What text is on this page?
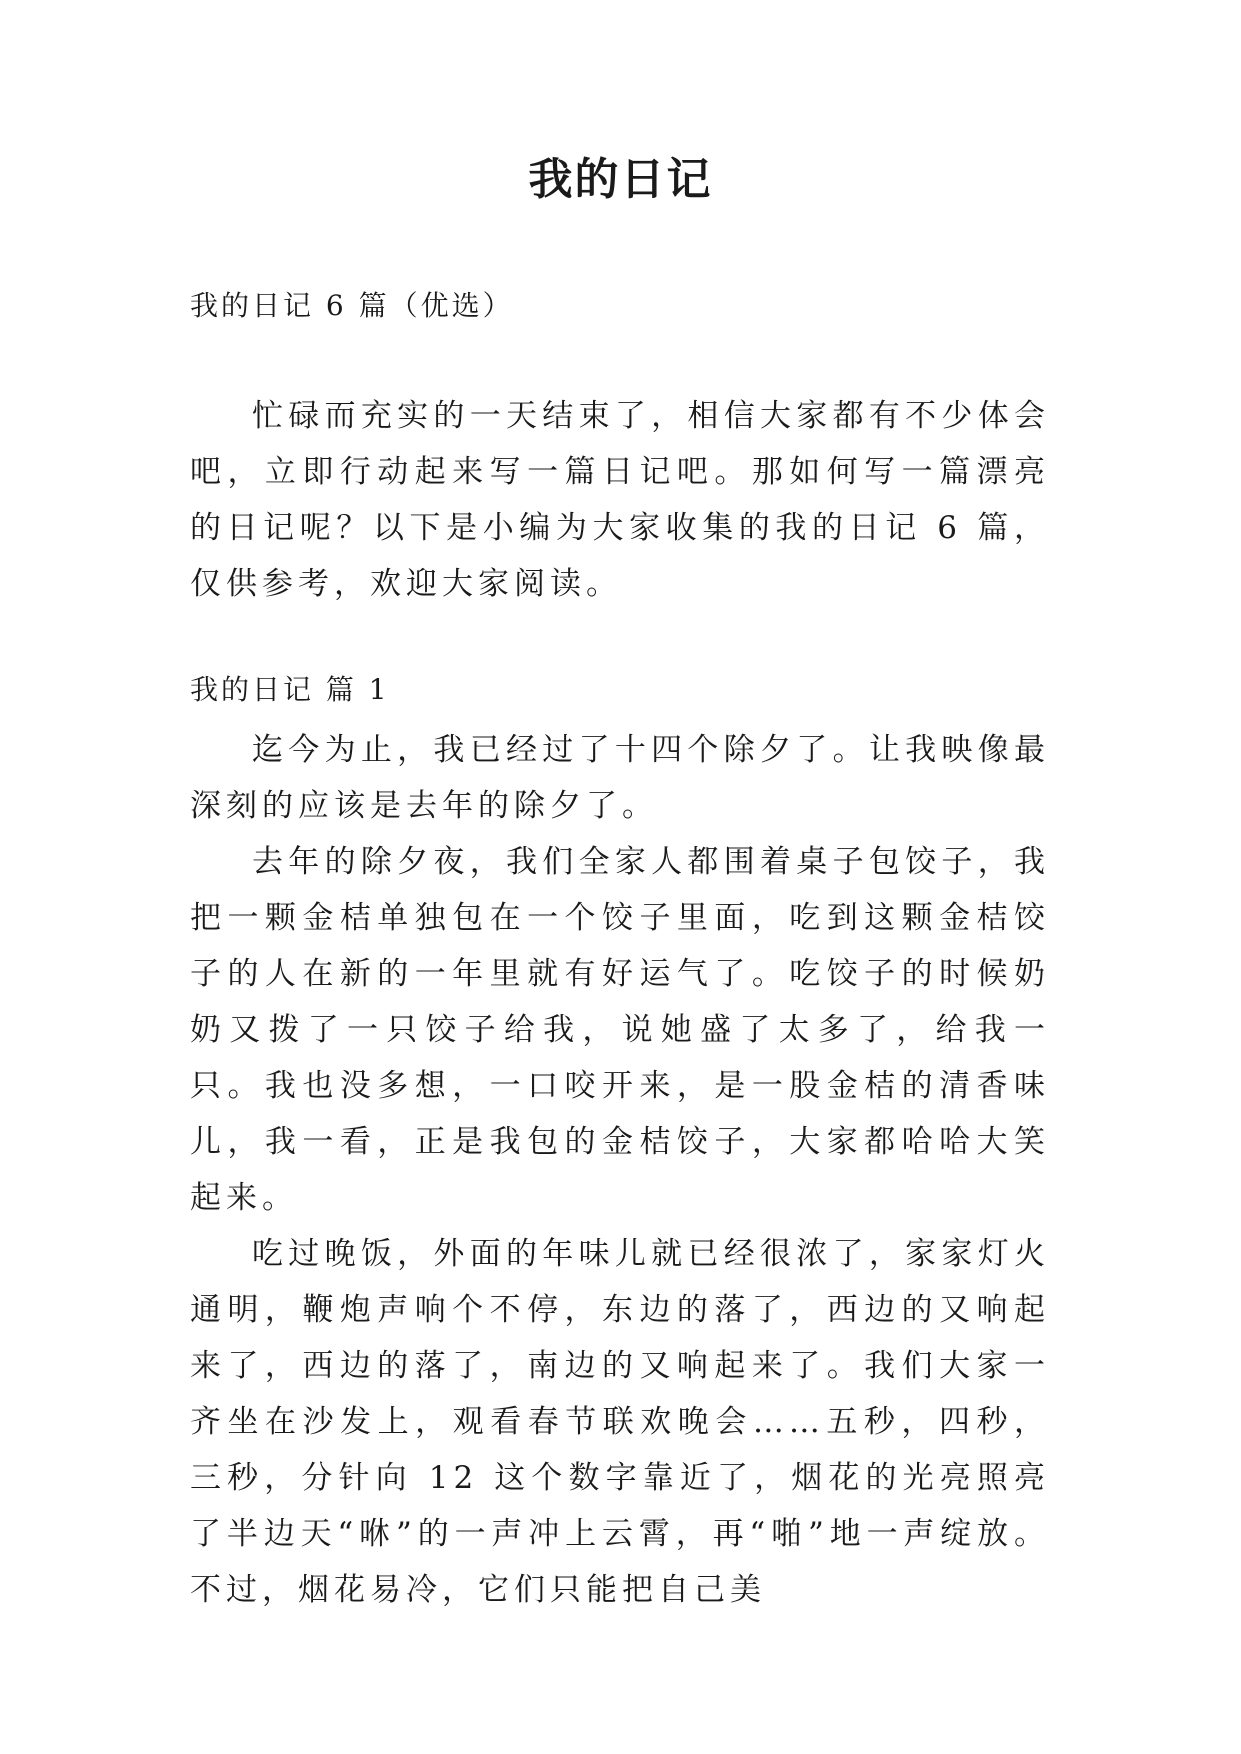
我的日记

我的日记 6 篇（优选）

忙碌而充实的一天结束了，相信大家都有不少体会吧，立即行动起来写一篇日记吧。那如何写一篇漂亮的日记呢？以下是小编为大家收集的我的日记 6 篇，仅供参考，欢迎大家阅读。

我的日记 篇 1

迄今为止，我已经过了十四个除夕了。让我映像最深刻的应该是去年的除夕了。

去年的除夕夜，我们全家人都围着桌子包饺子，我把一颗金桔单独包在一个饺子里面，吃到这颗金桔饺子的人在新的一年里就有好运气了。吃饺子的时候奶奶又拨了一只饺子给我，说她盛了太多了，给我一只。我也没多想，一口咬开来，是一股金桔的清香味儿，我一看，正是我包的金桔饺子，大家都哈哈大笑起来。

吃过晚饭，外面的年味儿就已经很浓了，家家灯火通明，鞭炮声响个不停，东边的落了，西边的又响起来了，西边的落了，南边的又响起来了。我们大家一齐坐在沙发上，观看春节联欢晚会……五秒，四秒，三秒，分针向 12 这个数字靠近了，烟花的光亮照亮了半边天“咻”的一声冲上云霄，再“啪”地一声绽放。不过，烟花易冷，它们只能把自己美
